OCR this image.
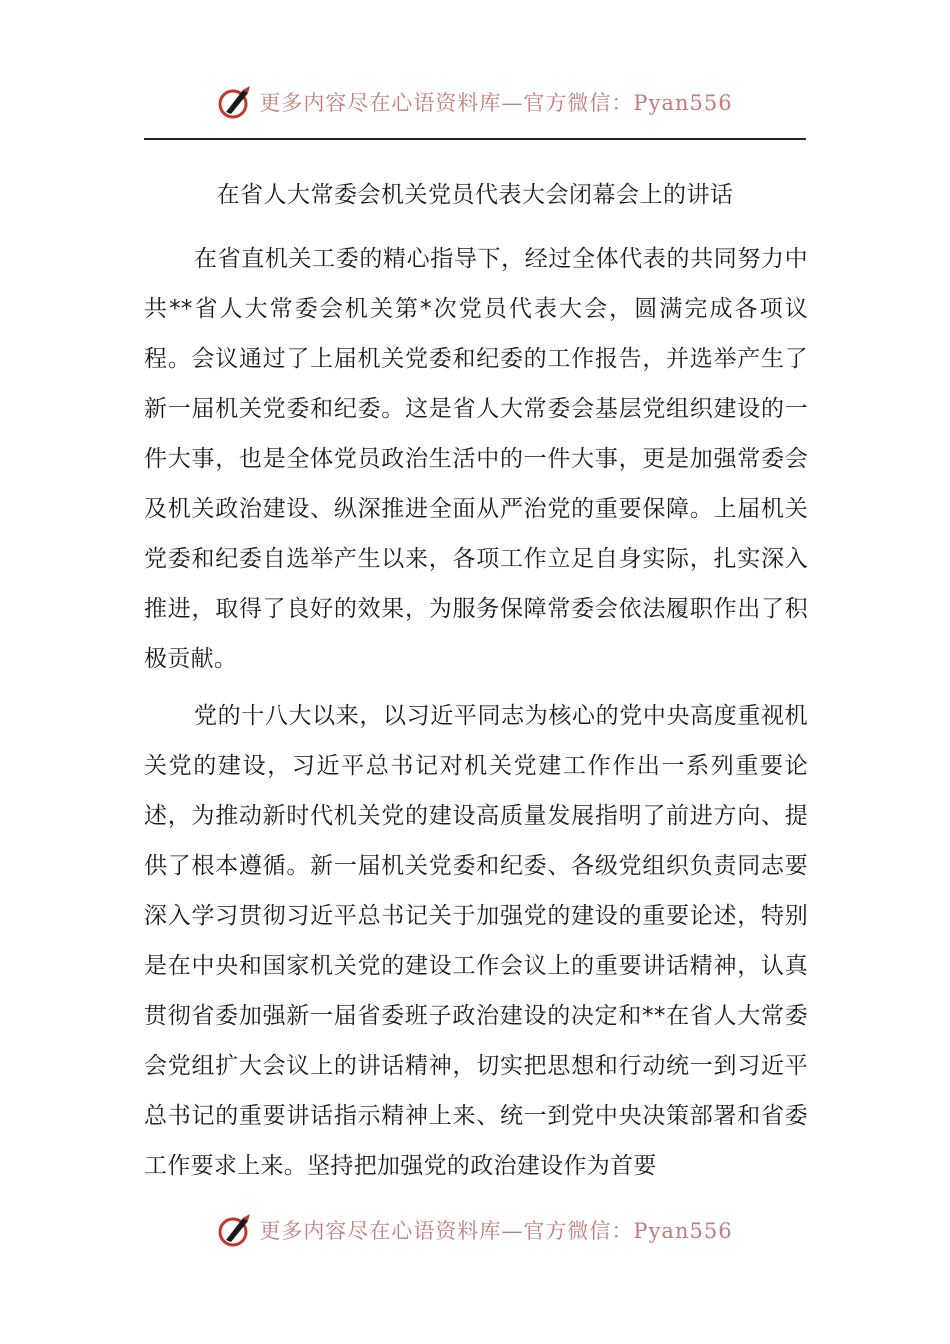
更多内容尽在心语资料库—官方微信：Pyan556
在省人大常委会机关党员代表大会闭幕会上的讲话

在省直机关工委的精心指导下，经过全体代表的共同努力中共**省人大常委会机关第*次党员代表大会，圆满完成各项议程。会议通过了上届机关党委和纪委的工作报告，并选举产生了新一届机关党委和纪委。这是省人大常委会基层党组织建设的一件大事，也是全体党员政治生活中的一件大事，更是加强常委会及机关政治建设、纵深推进全面从严治党的重要保障。上届机关党委和纪委自选举产生以来，各项工作立足自身实际，扎实深入推进，取得了良好的效果，为服务保障常委会依法履职作出了积极贡献。

党的十八大以来，以习近平同志为核心的党中央高度重视机关党的建设，习近平总书记对机关党建工作作出一系列重要论述，为推动新时代机关党的建设高质量发展指明了前进方向、提供了根本遵循。新一届机关党委和纪委、各级党组织负责同志要深入学习贯彻习近平总书记关于加强党的建设的重要论述，特别是在中央和国家机关党的建设工作会议上的重要讲话精神，认真贯彻省委加强新一届省委班子政治建设的决定和**在省人大常委会党组扩大会议上的讲话精神，切实把思想和行动统一到习近平总书记的重要讲话指示精神上来、统一到党中央决策部署和省委工作要求上来。坚持把加强党的政治建设作为首要

更多内容尽在心语资料库—官方微信：Pyan556
